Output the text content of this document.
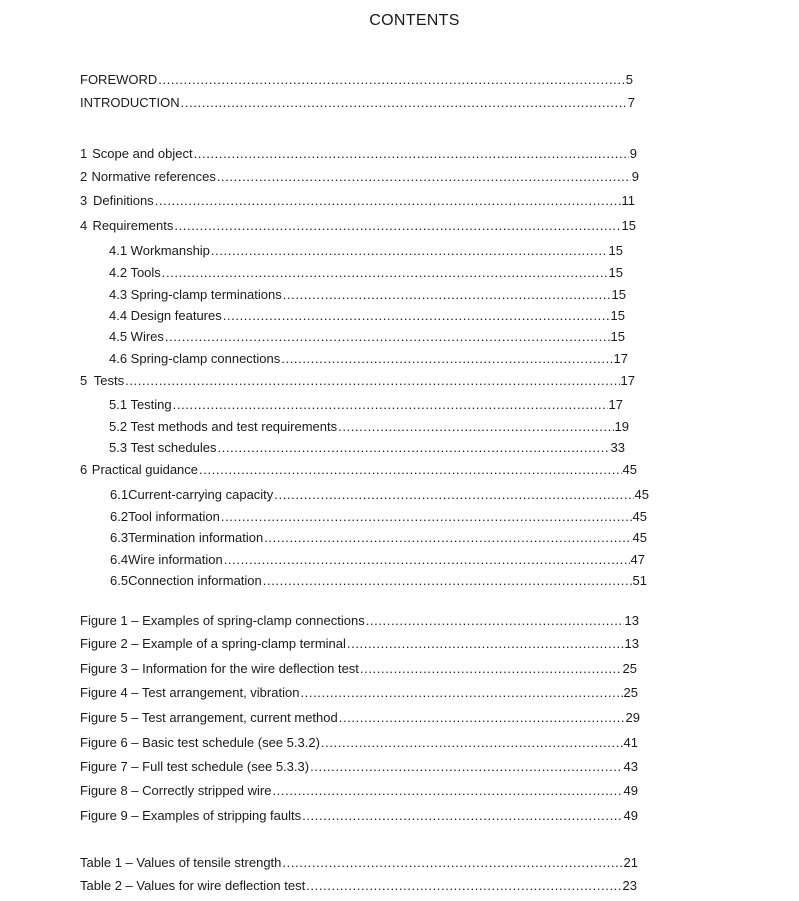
CONTENTS
FOREWORD .....	5
INTRODUCTION .....	7
1 Scope and object .....	9
2 Normative references .....	9
3 Definitions .....	11
4 Requirements .....	15
4.1 Workmanship .....	15
4.2 Tools .....	15
4.3 Spring-clamp terminations .....	15
4.4 Design features .....	15
4.5 Wires .....	15
4.6 Spring-clamp connections .....	17
5 Tests .....	17
5.1 Testing .....	17
5.2 Test methods and test requirements .....	19
5.3 Test schedules .....	33
6 Practical guidance .....	45
6.1 Current-carrying capacity .....	45
6.2 Tool information .....	45
6.3 Termination information .....	45
6.4 Wire information .....	47
6.5 Connection information .....	51
Figure 1 – Examples of spring-clamp connections .....	13
Figure 2 – Example of a spring-clamp terminal .....	13
Figure 3 – Information for the wire deflection test .....	25
Figure 4 – Test arrangement, vibration .....	25
Figure 5 – Test arrangement, current method .....	29
Figure 6 – Basic test schedule (see 5.3.2) .....	41
Figure 7 – Full test schedule (see 5.3.3) .....	43
Figure 8 – Correctly stripped wire .....	49
Figure 9 – Examples of stripping faults .....	49
Table 1 – Values of tensile strength .....	21
Table 2 – Values for wire deflection test .....	23
